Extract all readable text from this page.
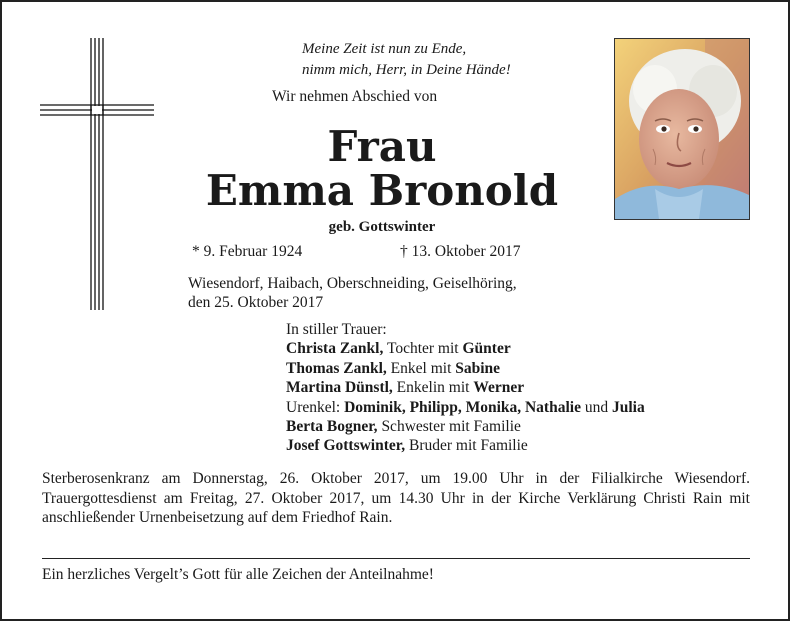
Meine Zeit ist nun zu Ende,
nimm mich, Herr, in Deine Hände!
Wir nehmen Abschied von
Frau
Emma Bronold
geb. Gottswinter
* 9. Februar 1924	† 13. Oktober 2017
Wiesendorf, Haibach, Oberschneiding, Geiselhöring,
den 25. Oktober 2017
In stiller Trauer:
Christa Zankl, Tochter mit Günter
Thomas Zankl, Enkel mit Sabine
Martina Dünstl, Enkelin mit Werner
Urenkel: Dominik, Philipp, Monika, Nathalie und Julia
Berta Bogner, Schwester mit Familie
Josef Gottswinter, Bruder mit Familie
Sterberosenkranz am Donnerstag, 26. Oktober 2017, um 19.00 Uhr in der Filialkirche Wiesendorf. Trauergottesdienst am Freitag, 27. Oktober 2017, um 14.30 Uhr in der Kirche Verklärung Christi Rain mit anschließender Urnenbeisetzung auf dem Friedhof Rain.
Ein herzliches Vergelt’s Gott für alle Zeichen der Anteilnahme!
